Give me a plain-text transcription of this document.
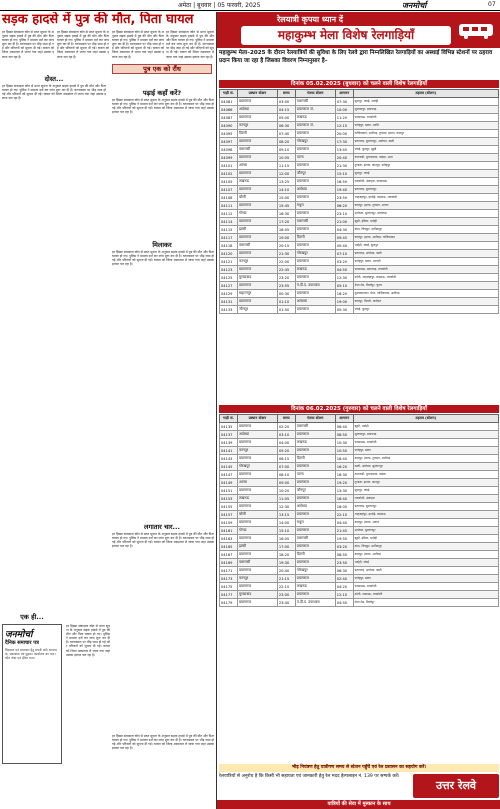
अमेठा | बुधवार | 05 फरवरी, 2025	जनमोर्चा	07
सड़क हादसे में पुत्र की मौत, पिता घायल
हर हिस्सा संवादाता स्रोत से प्राप्त सूचना के अनुसार सड़क हादसे में पुत्र की मौत और पिता घायल हो गए। पुलिस ने मामला दर्ज कर जांच शुरू कर दी है। घटनास्थल पर भीड़ जमा हो गई और परिजनों को सूचना दी गई। घायल को जिला अस्पताल ले जाया गया जहां उसका इलाज चल रहा है।
हर हिस्सा संवादाता स्रोत से प्राप्त सूचना के अनुसार सड़क हादसे में पुत्र की मौत और पिता घायल हो गए। पुलिस ने मामला दर्ज कर जांच शुरू कर दी है। घटनास्थल पर भीड़ जमा हो गई और परिजनों को सूचना दी गई। घायल को जिला अस्पताल ले जाया गया जहां उसका इलाज चल रहा है।
हर हिस्सा संवादाता स्रोत से प्राप्त सूचना के अनुसार सड़क हादसे में पुत्र की मौत और पिता घायल हो गए। पुलिस ने मामला दर्ज कर जांच शुरू कर दी है। घटनास्थल पर भीड़ जमा हो गई और परिजनों को सूचना दी गई। घायल को जिला अस्पताल ले जाया गया जहां उसका इलाज चल रहा है।
हर हिस्सा संवादाता स्रोत से प्राप्त सूचना के अनुसार सड़क हादसे में पुत्र की मौत और पिता घायल हो गए। पुलिस ने मामला दर्ज कर जांच शुरू कर दी है। घटनास्थल पर भीड़ जमा हो गई और परिजनों को सूचना दी गई। घायल को जिला अस्पताल ले जाया गया जहां उसका इलाज चल रहा है।
पुत्र एक को रौंध
दोस्त...
पढ़ाई कहाँ करें?
हर हिस्सा संवादाता स्रोत से प्राप्त सूचना के अनुसार सड़क हादसे में पुत्र की मौत और पिता घायल हो गए। पुलिस ने मामला दर्ज कर जांच शुरू कर दी है। घटनास्थल पर भीड़ जमा हो गई और परिजनों को सूचना दी गई। घायल को जिला अस्पताल ले जाया गया जहां उसका इलाज चल रहा है।	हर हिस्सा संवादाता स्रोत से प्राप्त सूचना के अनुसार सड़क हादसे में पुत्र की मौत और पिता घायल हो गए। पुलिस ने मामला दर्ज कर जांच शुरू कर दी है। घटनास्थल पर भीड़ जमा हो गई और परिजनों को सूचना दी गई। घायल को जिला अस्पताल ले जाया गया जहां उसका इलाज चल रहा है।
मिलाकर
हर हिस्सा संवादाता स्रोत से प्राप्त सूचना के अनुसार सड़क हादसे में पुत्र की मौत और पिता घायल हो गए। पुलिस ने मामला दर्ज कर जांच शुरू कर दी है। घटनास्थल पर भीड़ जमा हो गई और परिजनों को सूचना दी गई। घायल को जिला अस्पताल ले जाया गया जहां उसका इलाज चल रहा है।
लगातार चार...
हर हिस्सा संवादाता स्रोत से प्राप्त सूचना के अनुसार सड़क हादसे में पुत्र की मौत और पिता घायल हो गए। पुलिस ने मामला दर्ज कर जांच शुरू कर दी है। घटनास्थल पर भीड़ जमा हो गई और परिजनों को सूचना दी गई। घायल को जिला अस्पताल ले जाया गया जहां उसका इलाज चल रहा है।
एक ही...
जनमोर्चा
दैनिक समाचार पत्र
विज्ञापन एवं समाचार हेतु संपर्क करें। सम्पादक, प्रकाशक एवं मुद्रक। कार्यालय का पता। फोन नंबर एवं ईमेल पता।
हर हिस्सा संवादाता स्रोत से प्राप्त सूचना के अनुसार सड़क हादसे में पुत्र की मौत और पिता घायल हो गए। पुलिस ने मामला दर्ज कर जांच शुरू कर दी है। घटनास्थल पर भीड़ जमा हो गई और परिजनों को सूचना दी गई। घायल को जिला अस्पताल ले जाया गया जहां उसका इलाज चल रहा है।
हर हिस्सा संवादाता स्रोत से प्राप्त सूचना के अनुसार सड़क हादसे में पुत्र की मौत और पिता घायल हो गए। पुलिस ने मामला दर्ज कर जांच शुरू कर दी है। घटनास्थल पर भीड़ जमा हो गई और परिजनों को सूचना दी गई। घायल को जिला अस्पताल ले जाया गया जहां उसका इलाज चल रहा है।
रेलयात्री कृपया ध्यान दें
महाकुम्भ मेला विशेष रेलगाड़ियाँ
महाकुम्भ मेला–2025 के दौरान रेलयात्रियों की सुविधा के लिए रेलवे द्वारा निम्नलिखित रेलगाड़ियों का अस्थाई विभिन्न स्टेशनों पर ठहराव प्रदान किया जा रहा है जिसका विवरण निम्नानुसार है–
दिनांक 05.02.2025 (बुधवार) को चलने वाली विशेष रेलगाड़ियाँ
गाड़ी सं.	प्रस्थान स्टेशन	समय	गंतव्य स्टेशन	आगमन	ठहराव (स्टेशन)
04081	प्रयागराज	03:00	वाराणसी	07:30	फूलपुर, जंघई, भदोही
04086	अयोध्या	04:15	प्रयागराज जं.	10:00	सुल्तानपुर, प्रतापगढ़
04087	प्रयागराज	05:00	लखनऊ	11:20	फाफामऊ, रायबरेली
04090	कानपुर	06:30	प्रयागराज जं.	12:15	फतेहपुर, खागा, मनौरी
04095	दिल्ली	07:40	प्रयागराज	20:00	गाजियाबाद, अलीगढ़, टूण्डला, इटावा, कानपुर
04097	प्रयागराज	08:20	गोरखपुर	17:30	प्रतापगढ़, सुल्तानपुर, अयोध्या, बस्ती
04098	वाराणसी	09:10	प्रयागराज	13:45	जंघई, फूलपुर, झूसी
04099	प्रयागराज	10:05	पटना	20:40	वाराणसी, मुगलसराय, बक्सर, आरा
04101	आगरा	11:15	प्रयागराज	21:30	टूण्डला, इटावा, कानपुर, फतेहपुर
04102	प्रयागराज	12:00	जौनपुर	15:10	फूलपुर, जंघई
04105	लखनऊ	13:25	प्रयागराज	18:50	रायबरेली, ऊंचाहार, फाफामऊ
04107	प्रयागराज	14:10	अयोध्या	19:40	प्रतापगढ़, सुल्तानपुर
04108	बरेली	15:00	प्रयागराज	23:50	शाहजहांपुर, हरदोई, लखनऊ, रायबरेली
04111	प्रयागराज	15:45	मथुरा	06:20	कानपुर, इटावा, टूण्डला, आगरा
04112	गोण्डा	16:30	प्रयागराज	23:10	अयोध्या, सुल्तानपुर, प्रतापगढ़
04114	प्रयागराज	17:20	वाराणसी	21:00	झूसी, हंडिया, भदोही
04115	झांसी	18:05	प्रयागराज	04:30	बांदा, चित्रकूट, मानिकपुर
04117	प्रयागराज	19:00	दिल्ली	09:45	कानपुर, इटावा, अलीगढ़, गाजियाबाद
04118	वाराणसी	20:15	प्रयागराज	00:40	भदोही, जंघई, फूलपुर
04120	प्रयागराज	21:30	गोरखपुर	07:10	प्रतापगढ़, अयोध्या, बस्ती
04121	कानपुर	22:00	प्रयागराज	03:20	फतेहपुर, खागा, भरवारी
04123	प्रयागराज	22:45	लखनऊ	04:50	फाफामऊ, प्रतापगढ़, रायबरेली
04125	मुरादाबाद	23:20	प्रयागराज	12:30	बरेली, शाहजहांपुर, लखनऊ, रायबरेली
04127	प्रयागराज	23:55	पं.दी.द. उपाध्याय	05:10	मेजा रोड, मिर्जापुर, चुनार
04129	सहारनपुर	00:30	प्रयागराज	16:20	मुजफ्फरनगर, मेरठ, गाजियाबाद, अलीगढ़
04131	प्रयागराज	01:10	अम्बाला	19:00	कानपुर, दिल्ली, पानीपत
04133	जौनपुर	01:50	प्रयागराज	05:30	जंघई, फूलपुर
दिनांक 06.02.2025 (गुरुवार) को चलने वाली विशेष रेलगाड़ियाँ
गाड़ी सं.	प्रस्थान स्टेशन	समय	गंतव्य स्टेशन	आगमन	ठहराव (स्टेशन)
04135	प्रयागराज	02:20	वाराणसी	06:40	झूसी, भदोही
04137	अयोध्या	03:10	प्रयागराज	08:50	सुल्तानपुर, प्रतापगढ़
04139	प्रयागराज	04:00	लखनऊ	10:30	फाफामऊ, रायबरेली
04141	कानपुर	05:20	प्रयागराज	10:50	फतेहपुर, खागा
04143	प्रयागराज	06:15	दिल्ली	18:40	कानपुर, इटावा, टूण्डला, अलीगढ़
04145	गोरखपुर	07:00	प्रयागराज	16:20	बस्ती, अयोध्या, सुल्तानपुर
04147	प्रयागराज	08:10	पटना	18:30	वाराणसी, मुगलसराय, बक्सर
04149	आगरा	09:00	प्रयागराज	19:20	टूण्डला, इटावा, कानपुर
04151	प्रयागराज	10:20	जौनपुर	13:30	फूलपुर, जंघई
04153	लखनऊ	11:05	प्रयागराज	16:40	रायबरेली, ऊंचाहार
04155	प्रयागराज	12:30	अयोध्या	18:00	प्रतापगढ़, सुल्तानपुर
04157	बरेली	13:15	प्रयागराज	22:10	शाहजहांपुर, हरदोई, लखनऊ
04159	प्रयागराज	14:00	मथुरा	04:40	कानपुर, इटावा, आगरा
04161	गोण्डा	15:10	प्रयागराज	21:45	अयोध्या, सुल्तानपुर
04163	प्रयागराज	16:05	वाराणसी	19:50	झूसी, हंडिया, भदोही
04165	झांसी	17:00	प्रयागराज	03:20	बांदा, चित्रकूट, मानिकपुर
04167	प्रयागराज	18:20	दिल्ली	08:50	कानपुर, इटावा, अलीगढ़
04169	वाराणसी	19:30	प्रयागराज	23:50	भदोही, जंघई
04171	प्रयागराज	20:40	गोरखपुर	06:30	प्रतापगढ़, अयोध्या, बस्ती
04173	कानपुर	21:15	प्रयागराज	02:40	फतेहपुर, खागा
04175	प्रयागराज	22:10	लखनऊ	04:20	फाफामऊ, रायबरेली
04177	मुरादाबाद	23:00	प्रयागराज	12:10	बरेली, लखनऊ, रायबरेली
04179	प्रयागराज	23:40	पं.दी.द. उपाध्याय	04:50	मेजा रोड, मिर्जापुर
भीड़ नियंत्रण हेतु यात्रीगण समय से स्टेशन पहुँचें एवं रेल प्रशासन का सहयोग करें।
रेलयात्रियों से अनुरोध है कि किसी भी सहायता एवं जानकारी हेतु रेल मदद हेल्पलाइन नं. 139 पर सम्पर्क करें।
उत्तर रेलवे
यात्रियों की सेवा में मुस्कान के साथ
